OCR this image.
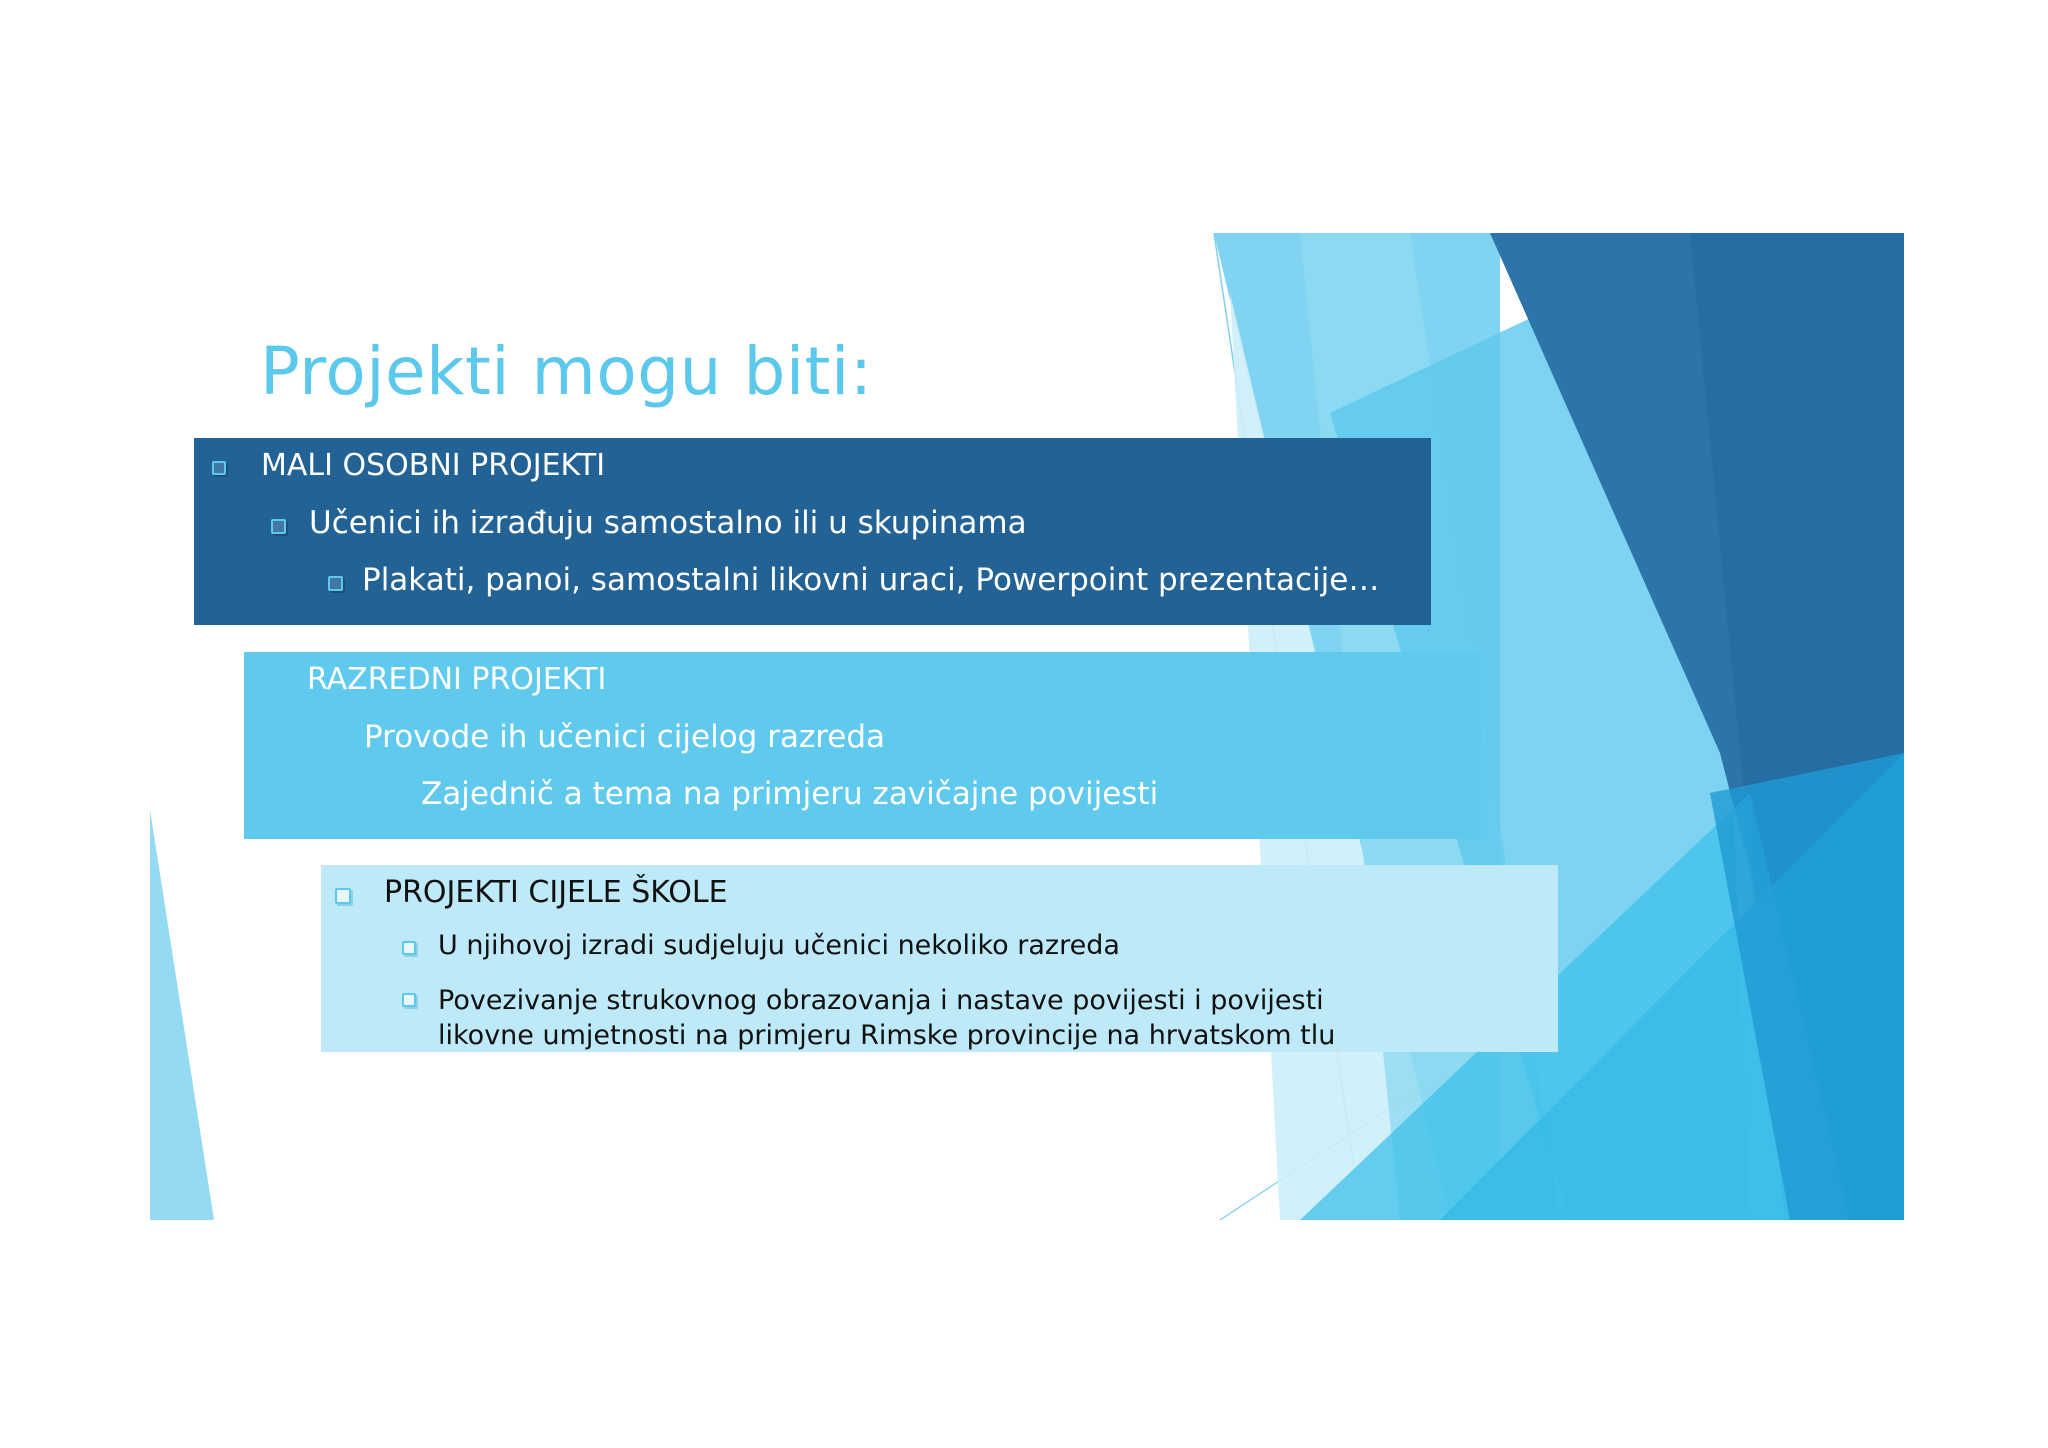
Projekti mogu biti:
MALI OSOBNI PROJEKTI
Učenici ih izrađuju samostalno ili u skupinama
Plakati, panoi, samostalni likovni uraci, Powerpoint prezentacije…
RAZREDNI PROJEKTI
Provode ih učenici cijelog razreda
Zajednič a tema na primjeru zavičajne povijesti
PROJEKTI CIJELE ŠKOLE
U njihovoj izradi sudjeluju učenici nekoliko razreda
Povezivanje strukovnog obrazovanja i nastave povijesti i povijesti likovne umjetnosti na primjeru Rimske provincije na hrvatskom tlu
